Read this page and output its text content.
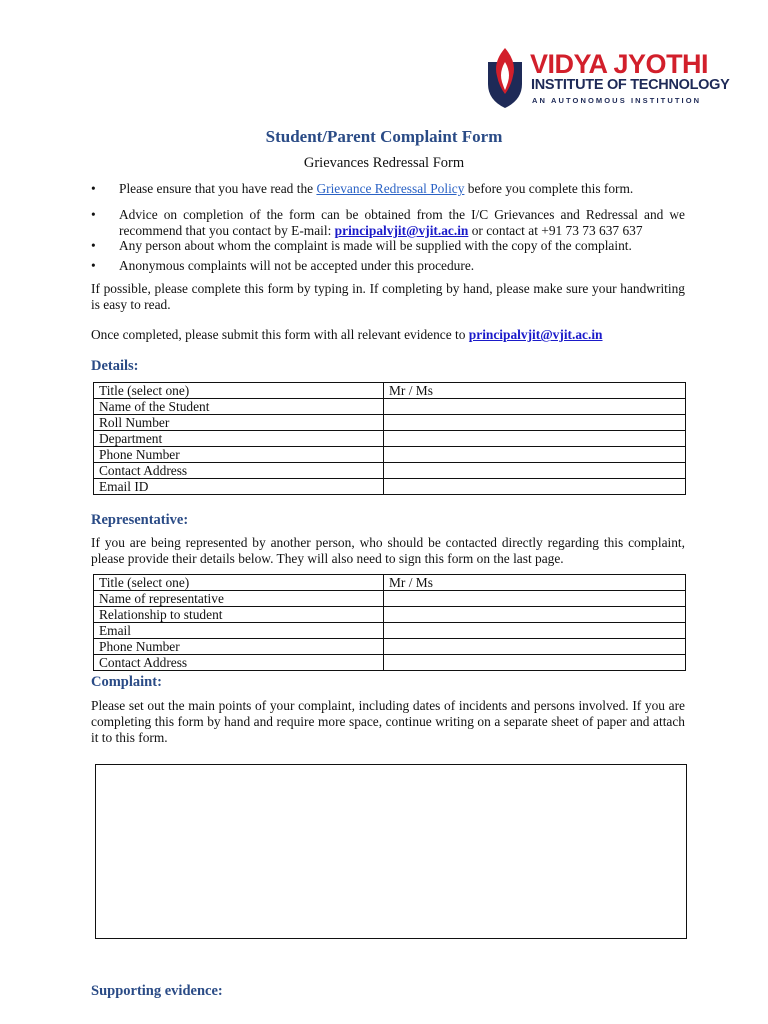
VIDYA JYOTHI
INSTITUTE OF TECHNOLOGY
AN AUTONOMOUS INSTITUTION
Student/Parent Complaint Form
Grievances Redressal Form
• Please ensure that you have read the Grievance Redressal Policy before you complete this form.
• Advice on completion of the form can be obtained from the I/C Grievances and Redressal and we recommend that you contact by E-mail: principalvjit@vjit.ac.in or contact at +91 73 73 637 637
• Any person about whom the complaint is made will be supplied with the copy of the complaint.
• Anonymous complaints will not be accepted under this procedure.
If possible, please complete this form by typing in. If completing by hand, please make sure your handwriting is easy to read.
Once completed, please submit this form with all relevant evidence to principalvjit@vjit.ac.in
Details:
Title (select one)	Mr / Ms
Name of the Student	
Roll Number	
Department	
Phone Number	
Contact Address	
Email ID	
Representative:
If you are being represented by another person, who should be contacted directly regarding this complaint, please provide their details below. They will also need to sign this form on the last page.
Title (select one)	Mr / Ms
Name of representative	
Relationship to student	
Email	
Phone Number	
Contact Address	
Complaint:
Please set out the main points of your complaint, including dates of incidents and persons involved. If you are completing this form by hand and require more space, continue writing on a separate sheet of paper and attach it to this form.
Supporting evidence:
